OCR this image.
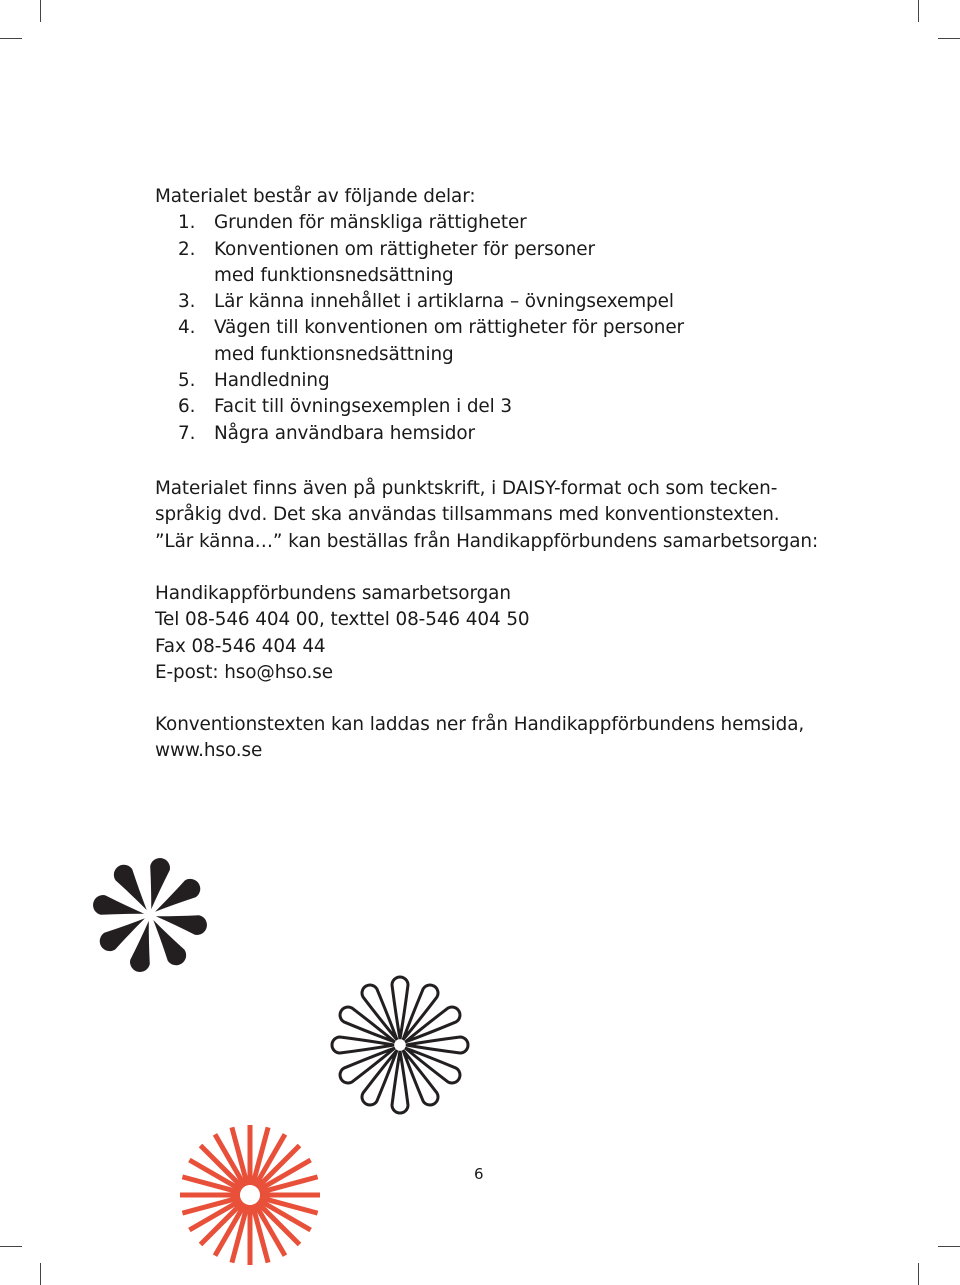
Materialet består av följande delar:
1.	Grunden för mänskliga rättigheter
2.	Konventionen om rättigheter för personer
med funktionsnedsättning
3.	Lär känna innehållet i artiklarna – övningsexempel
4.	Vägen till konventionen om rättigheter för personer
med funktionsnedsättning
5.	Handledning
6.	Facit till övningsexemplen i del 3
7.	Några användbara hemsidor
Materialet finns även på punktskrift, i DAISY-format och som tecken-
språkig dvd. Det ska användas tillsammans med konventionstexten.
”Lär känna…” kan beställas från Handikappförbundens samarbetsorgan:
Handikappförbundens samarbetsorgan
Tel 08-546 404 00, texttel 08-546 404 50
Fax 08-546 404 44
E-post: hso@hso.se
Konventionstexten kan laddas ner från Handikappförbundens hemsida,
www.hso.se
6
